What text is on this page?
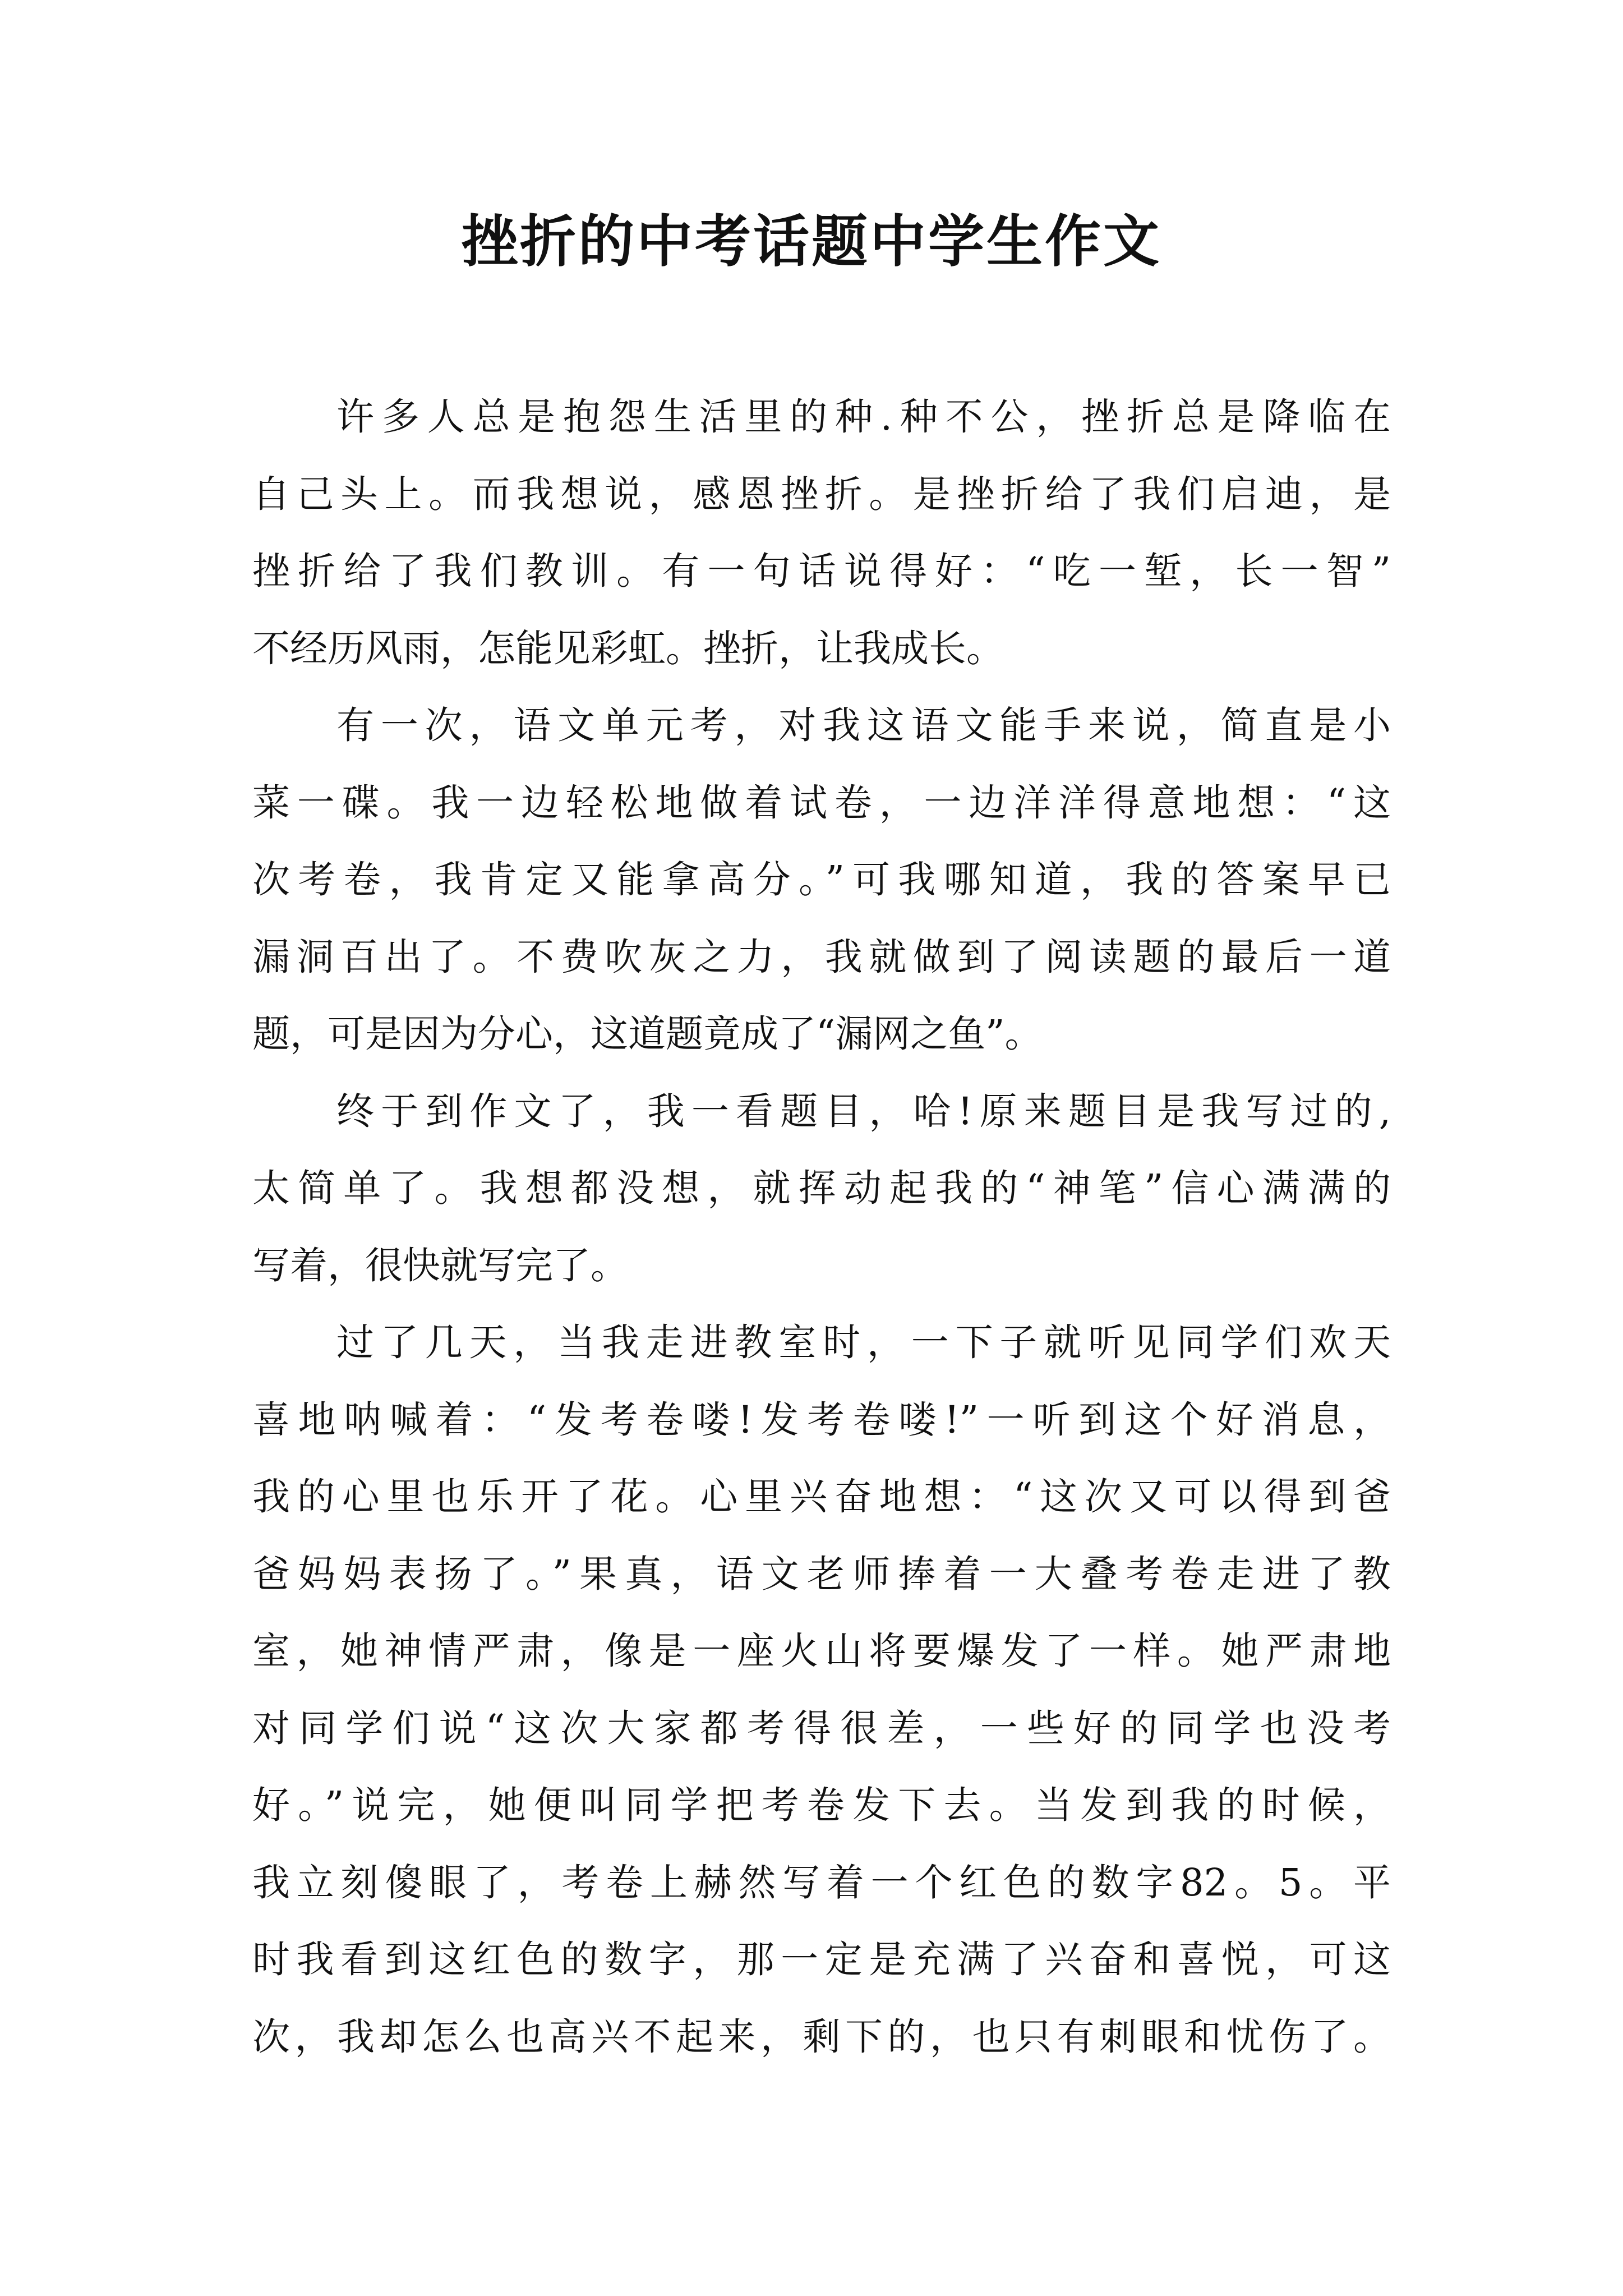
挫折的中考话题中学生作文
许多人总是抱怨生活里的种.种不公，挫折总是降临在
自己头上。而我想说，感恩挫折。是挫折给了我们启迪，是
挫折给了我们教训。有一句话说得好：“吃一堑，长一智”
不经历风雨，怎能见彩虹。挫折，让我成长。
有一次，语文单元考，对我这语文能手来说，简直是小
菜一碟。我一边轻松地做着试卷，一边洋洋得意地想：“这
次考卷，我肯定又能拿高分。”可我哪知道，我的答案早已
漏洞百出了。不费吹灰之力，我就做到了阅读题的最后一道
题，可是因为分心，这道题竟成了“漏网之鱼”。
终于到作文了，我一看题目，哈!原来题目是我写过的,
太简单了。我想都没想，就挥动起我的“神笔”信心满满的
写着，很快就写完了。
过了几天，当我走进教室时，一下子就听见同学们欢天
喜地呐喊着：“发考卷喽!发考卷喽!”一听到这个好消息，
我的心里也乐开了花。心里兴奋地想：“这次又可以得到爸
爸妈妈表扬了。”果真，语文老师捧着一大叠考卷走进了教
室，她神情严肃，像是一座火山将要爆发了一样。她严肃地
对同学们说“这次大家都考得很差，一些好的同学也没考
好。”说完，她便叫同学把考卷发下去。当发到我的时候，
我立刻傻眼了，考卷上赫然写着一个红色的数字82。5。平
时我看到这红色的数字，那一定是充满了兴奋和喜悦，可这
次，我却怎么也高兴不起来，剩下的，也只有刺眼和忧伤了。
